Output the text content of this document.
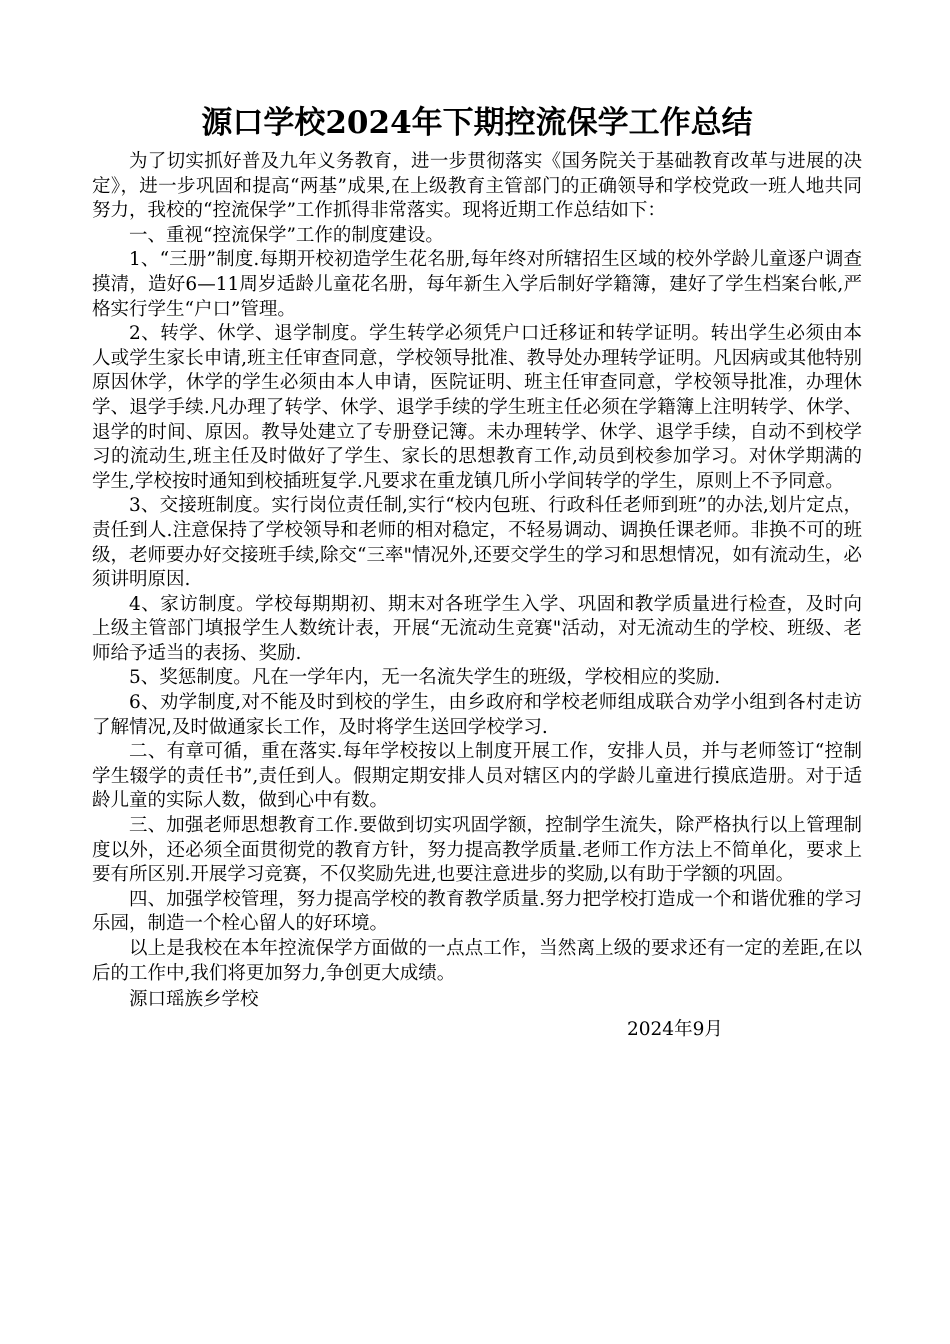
源口学校2024年下期控流保学工作总结

为了切实抓好普及九年义务教育，进一步贯彻落实《国务院关于基础教育改革与进展的决定》，进一步巩固和提高“两基”成果,在上级教育主管部门的正确领导和学校党政一班人地共同努力，我校的“控流保学”工作抓得非常落实。现将近期工作总结如下：

一、重视“控流保学”工作的制度建设。

1、“三册”制度.每期开校初造学生花名册,每年终对所辖招生区域的校外学龄儿童逐户调查摸清，造好6—11周岁适龄儿童花名册，每年新生入学后制好学籍簿，建好了学生档案台帐,严格实行学生“户口”管理。

2、转学、休学、退学制度。学生转学必须凭户口迁移证和转学证明。转出学生必须由本人或学生家长申请,班主任审查同意，学校领导批准、教导处办理转学证明。凡因病或其他特别原因休学，休学的学生必须由本人申请，医院证明、班主任审查同意，学校领导批准，办理休学、退学手续.凡办理了转学、休学、退学手续的学生班主任必须在学籍簿上注明转学、休学、退学的时间、原因。教导处建立了专册登记簿。未办理转学、休学、退学手续，自动不到校学习的流动生,班主任及时做好了学生、家长的思想教育工作,动员到校参加学习。对休学期满的学生,学校按时通知到校插班复学.凡要求在重龙镇几所小学间转学的学生，原则上不予同意。

3、交接班制度。实行岗位责任制,实行“校内包班、行政科任老师到班”的办法,划片定点，责任到人.注意保持了学校领导和老师的相对稳定，不轻易调动、调换任课老师。非换不可的班级，老师要办好交接班手续,除交“三率"情况外,还要交学生的学习和思想情况，如有流动生，必须讲明原因.

4、家访制度。学校每期期初、期末对各班学生入学、巩固和教学质量进行检查，及时向上级主管部门填报学生人数统计表，开展“无流动生竞赛"活动，对无流动生的学校、班级、老师给予适当的表扬、奖励.

5、奖惩制度。凡在一学年内，无一名流失学生的班级，学校相应的奖励.

6、劝学制度,对不能及时到校的学生，由乡政府和学校老师组成联合劝学小组到各村走访了解情况,及时做通家长工作，及时将学生送回学校学习.

二、有章可循，重在落实.每年学校按以上制度开展工作，安排人员，并与老师签订“控制学生辍学的责任书”,责任到人。假期定期安排人员对辖区内的学龄儿童进行摸底造册。对于适龄儿童的实际人数，做到心中有数。

三、加强老师思想教育工作.要做到切实巩固学额，控制学生流失，除严格执行以上管理制度以外，还必须全面贯彻党的教育方针，努力提高教学质量.老师工作方法上不简单化，要求上要有所区别.开展学习竞赛，不仅奖励先进,也要注意进步的奖励,以有助于学额的巩固。

四、加强学校管理，努力提高学校的教育教学质量.努力把学校打造成一个和谐优雅的学习乐园，制造一个栓心留人的好环境。

以上是我校在本年控流保学方面做的一点点工作，当然离上级的要求还有一定的差距,在以后的工作中,我们将更加努力,争创更大成绩。

源口瑶族乡学校

2024年9月
